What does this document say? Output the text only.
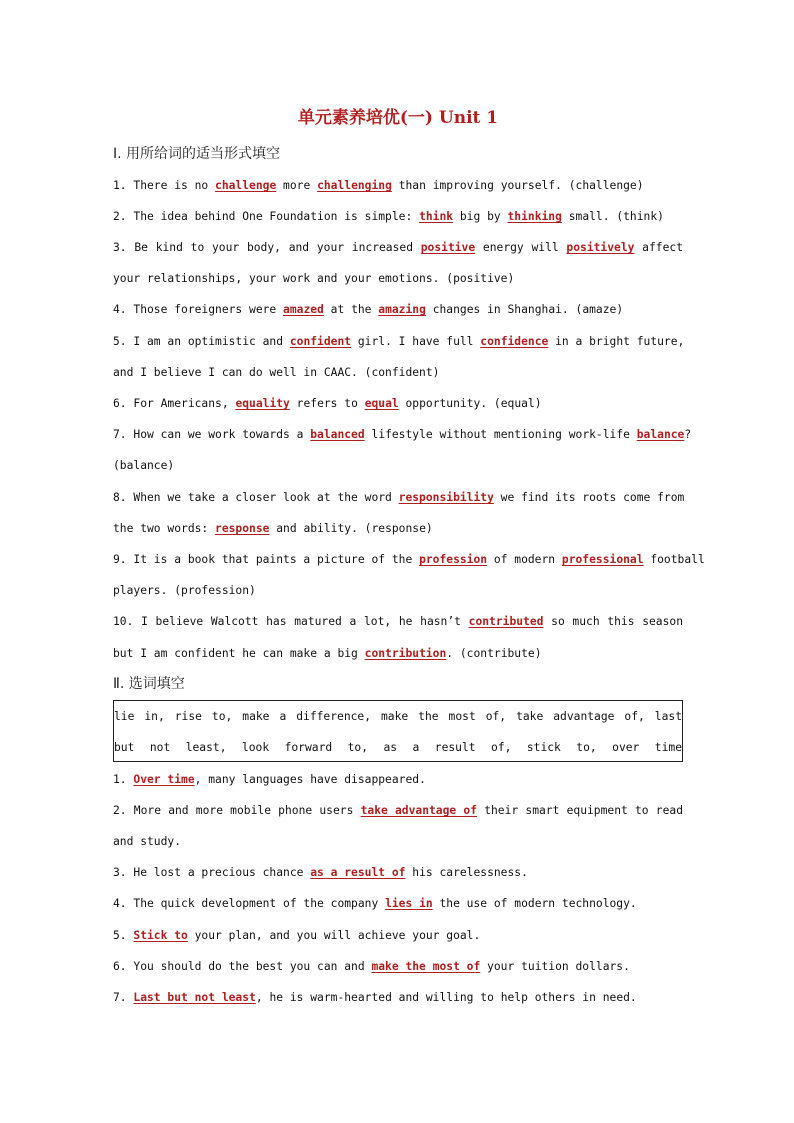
单元素养培优(一) Unit 1
Ⅰ. 用所给词的适当形式填空
1. There is no challenge more challenging than improving yourself. (challenge)
2. The idea behind One Foundation is simple: think big by thinking small. (think)
3. Be kind to your body, and your increased positive energy will positively affect
your relationships, your work and your emotions. (positive)
4. Those foreigners were amazed at the amazing changes in Shanghai. (amaze)
5. I am an optimistic and confident girl. I have full confidence in a bright future,
and I believe I can do well in CAAC. (confident)
6. For Americans, equality refers to equal opportunity. (equal)
7. How can we work towards a balanced lifestyle without mentioning work-life balance?
(balance)
8. When we take a closer look at the word responsibility we find its roots come from
the two words: response and ability. (response)
9. It is a book that paints a picture of the profession of modern professional football
players. (profession)
10. I believe Walcott has matured a lot, he hasn’t contributed so much this season
but I am confident he can make a big contribution. (contribute)
Ⅱ. 选词填空
lie in, rise to, make a difference, make the most of, take advantage of, last
but not least, look forward to, as a result of, stick to, over time
1. Over time, many languages have disappeared.
2. More and more mobile phone users take advantage of their smart equipment to read
and study.
3. He lost a precious chance as a result of his carelessness.
4. The quick development of the company lies in the use of modern technology.
5. Stick to your plan, and you will achieve your goal.
6. You should do the best you can and make the most of your tuition dollars.
7. Last but not least, he is warm-hearted and willing to help others in need.
